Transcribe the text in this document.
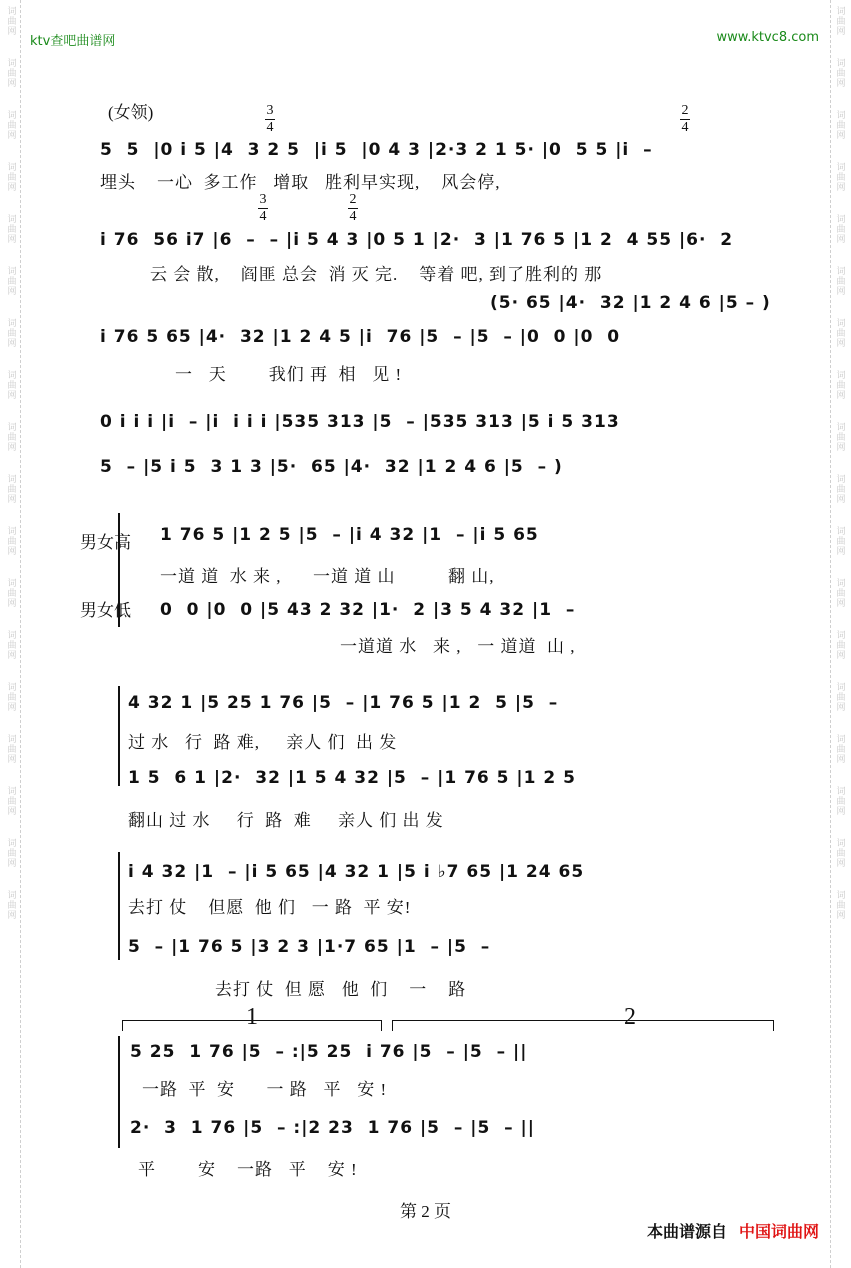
词曲网
词曲网
词曲网
词曲网
词曲网
词曲网
词曲网
词曲网
词曲网
词曲网
词曲网
词曲网
词曲网
词曲网
词曲网
词曲网
词曲网
词曲网
词曲网
词曲网
词曲网
词曲网
词曲网
词曲网
词曲网
词曲网
词曲网
词曲网
词曲网
词曲网
词曲网
词曲网
词曲网
词曲网
词曲网
词曲网
ktv查吧曲谱网	www.ktvc8.com
(女领)	3
4
2
4
5  5  |0 i 5 |4  3 2 5  |i 5  |0 4 3 |2·3 2 1 5· |0  5 5 |i  –
埋头    一心  多工作   增取   胜利早实现,    风会停,
3
4
2
4
i 76  56 i7 |6  –  – |i 5 4 3 |0 5 1 |2·  3 |1 76 5 |1 2  4 55 |6·  2
云 会 散,    阎匪 总会  消 灭 完.    等着 吧, 到了胜利的 那
(5· 65 |4·  32 |1 2 4 6 |5 – )
i 76 5 65 |4·  32 |1 2 4 5 |i  76 |5  – |5  – |0  0 |0  0
一   天        我们 再  相   见 !
0 i i i |i  – |i  i i i |535 313 |5  – |535 313 |5 i 5 313
5  – |5 i 5  3 1 3 |5·  65 |4·  32 |1 2 4 6 |5  – )
男女高
男女低
1 76 5 |1 2 5 |5  – |i 4 32 |1  – |i 5 65
一道 道  水 来 ,      一道 道 山          翻 山,
0  0 |0  0 |5 43 2 32 |1·  2 |3 5 4 32 |1  –
一道道 水   来 ,   一 道道  山 ,
4 32 1 |5 25 1 76 |5  – |1 76 5 |1 2  5 |5  –
过 水   行  路 难,     亲人 们  出 发
1 5  6 1 |2·  32 |1 5 4 32 |5  – |1 76 5 |1 2 5
翻山 过 水     行  路  难     亲人 们 出 发
i 4 32 |1  – |i 5 65 |4 32 1 |5 i ♭7 65 |1 24 65
去打 仗    但愿  他 们   一 路  平 安!
5  – |1 76 5 |3 2 3 |1·7 65 |1  – |5  –
去打 仗  但 愿   他  们    一    路
1	2
5 25  1 76 |5  – :|5 25  i 76 |5  – |5  – ||
一路  平  安      一 路   平   安 !
2·  3  1 76 |5  – :|2 23  1 76 |5  – |5  – ||
平        安    一路   平    安 !
第 2 页
本曲谱源自 中国词曲网
